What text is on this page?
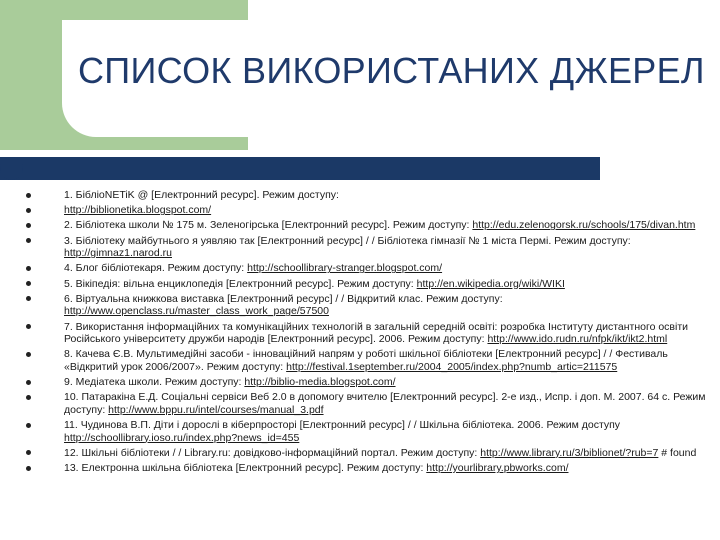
СПИСОК ВИКОРИСТАНИХ ДЖЕРЕЛ
1. БібліоNETiK @ [Електронний ресурс]. Режим доступу:
http://biblionetika.blogspot.com/
2. Бібліотека школи № 175 м. Зеленогірська [Електронний ресурс]. Режим доступу: http://edu.zelenogorsk.ru/schools/175/divan.htm
3. Бібліотеку майбутнього я уявляю так [Електронний ресурс] / / Бібліотека гімназії № 1 міста Пермі. Режим доступу: http://gimnaz1.narod.ru
4. Блог бібліотекаря. Режим доступу: http://schoollibrary-stranger.blogspot.com/
5. Вікіпедія: вільна енциклопедія [Електронний ресурс]. Режим доступу: http://en.wikipedia.org/wiki/WIKI
6. Віртуальна книжкова виставка [Електронний ресурс] / / Відкритий клас. Режим доступу: http://www.openclass.ru/master_class_work_page/57500
7. Використання інформаційних та комунікаційних технологій в загальній середній освіті: розробка Інституту дистантного освіти Російського університету дружби народів [Електронний ресурс]. 2006. Режим доступу: http://www.ido.rudn.ru/nfpk/ikt/ikt2.html
8. Качева Є.В. Мультимедійні засоби - інноваційний напрям у роботі шкільної бібліотеки [Електронний ресурс] / / Фестиваль «Відкритий урок 2006/2007». Режим доступу: http://festival.1september.ru/2004_2005/index.php?numb_artic=211575
9. Медіатека школи. Режим доступу: http://biblio-media.blogspot.com/
10. Патаракіна Е.Д. Соціальні сервіси Веб 2.0 в допомогу вчителю [Електронний ресурс]. 2-е изд., Испр. і доп. М. 2007. 64 с. Режим доступу: http://www.bppu.ru/intel/courses/manual_3.pdf
11. Чудинова В.П. Діти і дорослі в кіберпросторі [Електронний ресурс] / / Шкільна бібліотека. 2006. Режим доступу http://schoollibrary.ioso.ru/index.php?news_id=455
12. Шкільні бібліотеки / / Library.ru: довідково-інформаційний портал. Режим доступу: http://www.library.ru/3/biblionet/?rub=7 # found
13. Електронна шкільна бібліотека [Електронний ресурс]. Режим доступу: http://yourlibrary.pbworks.com/
